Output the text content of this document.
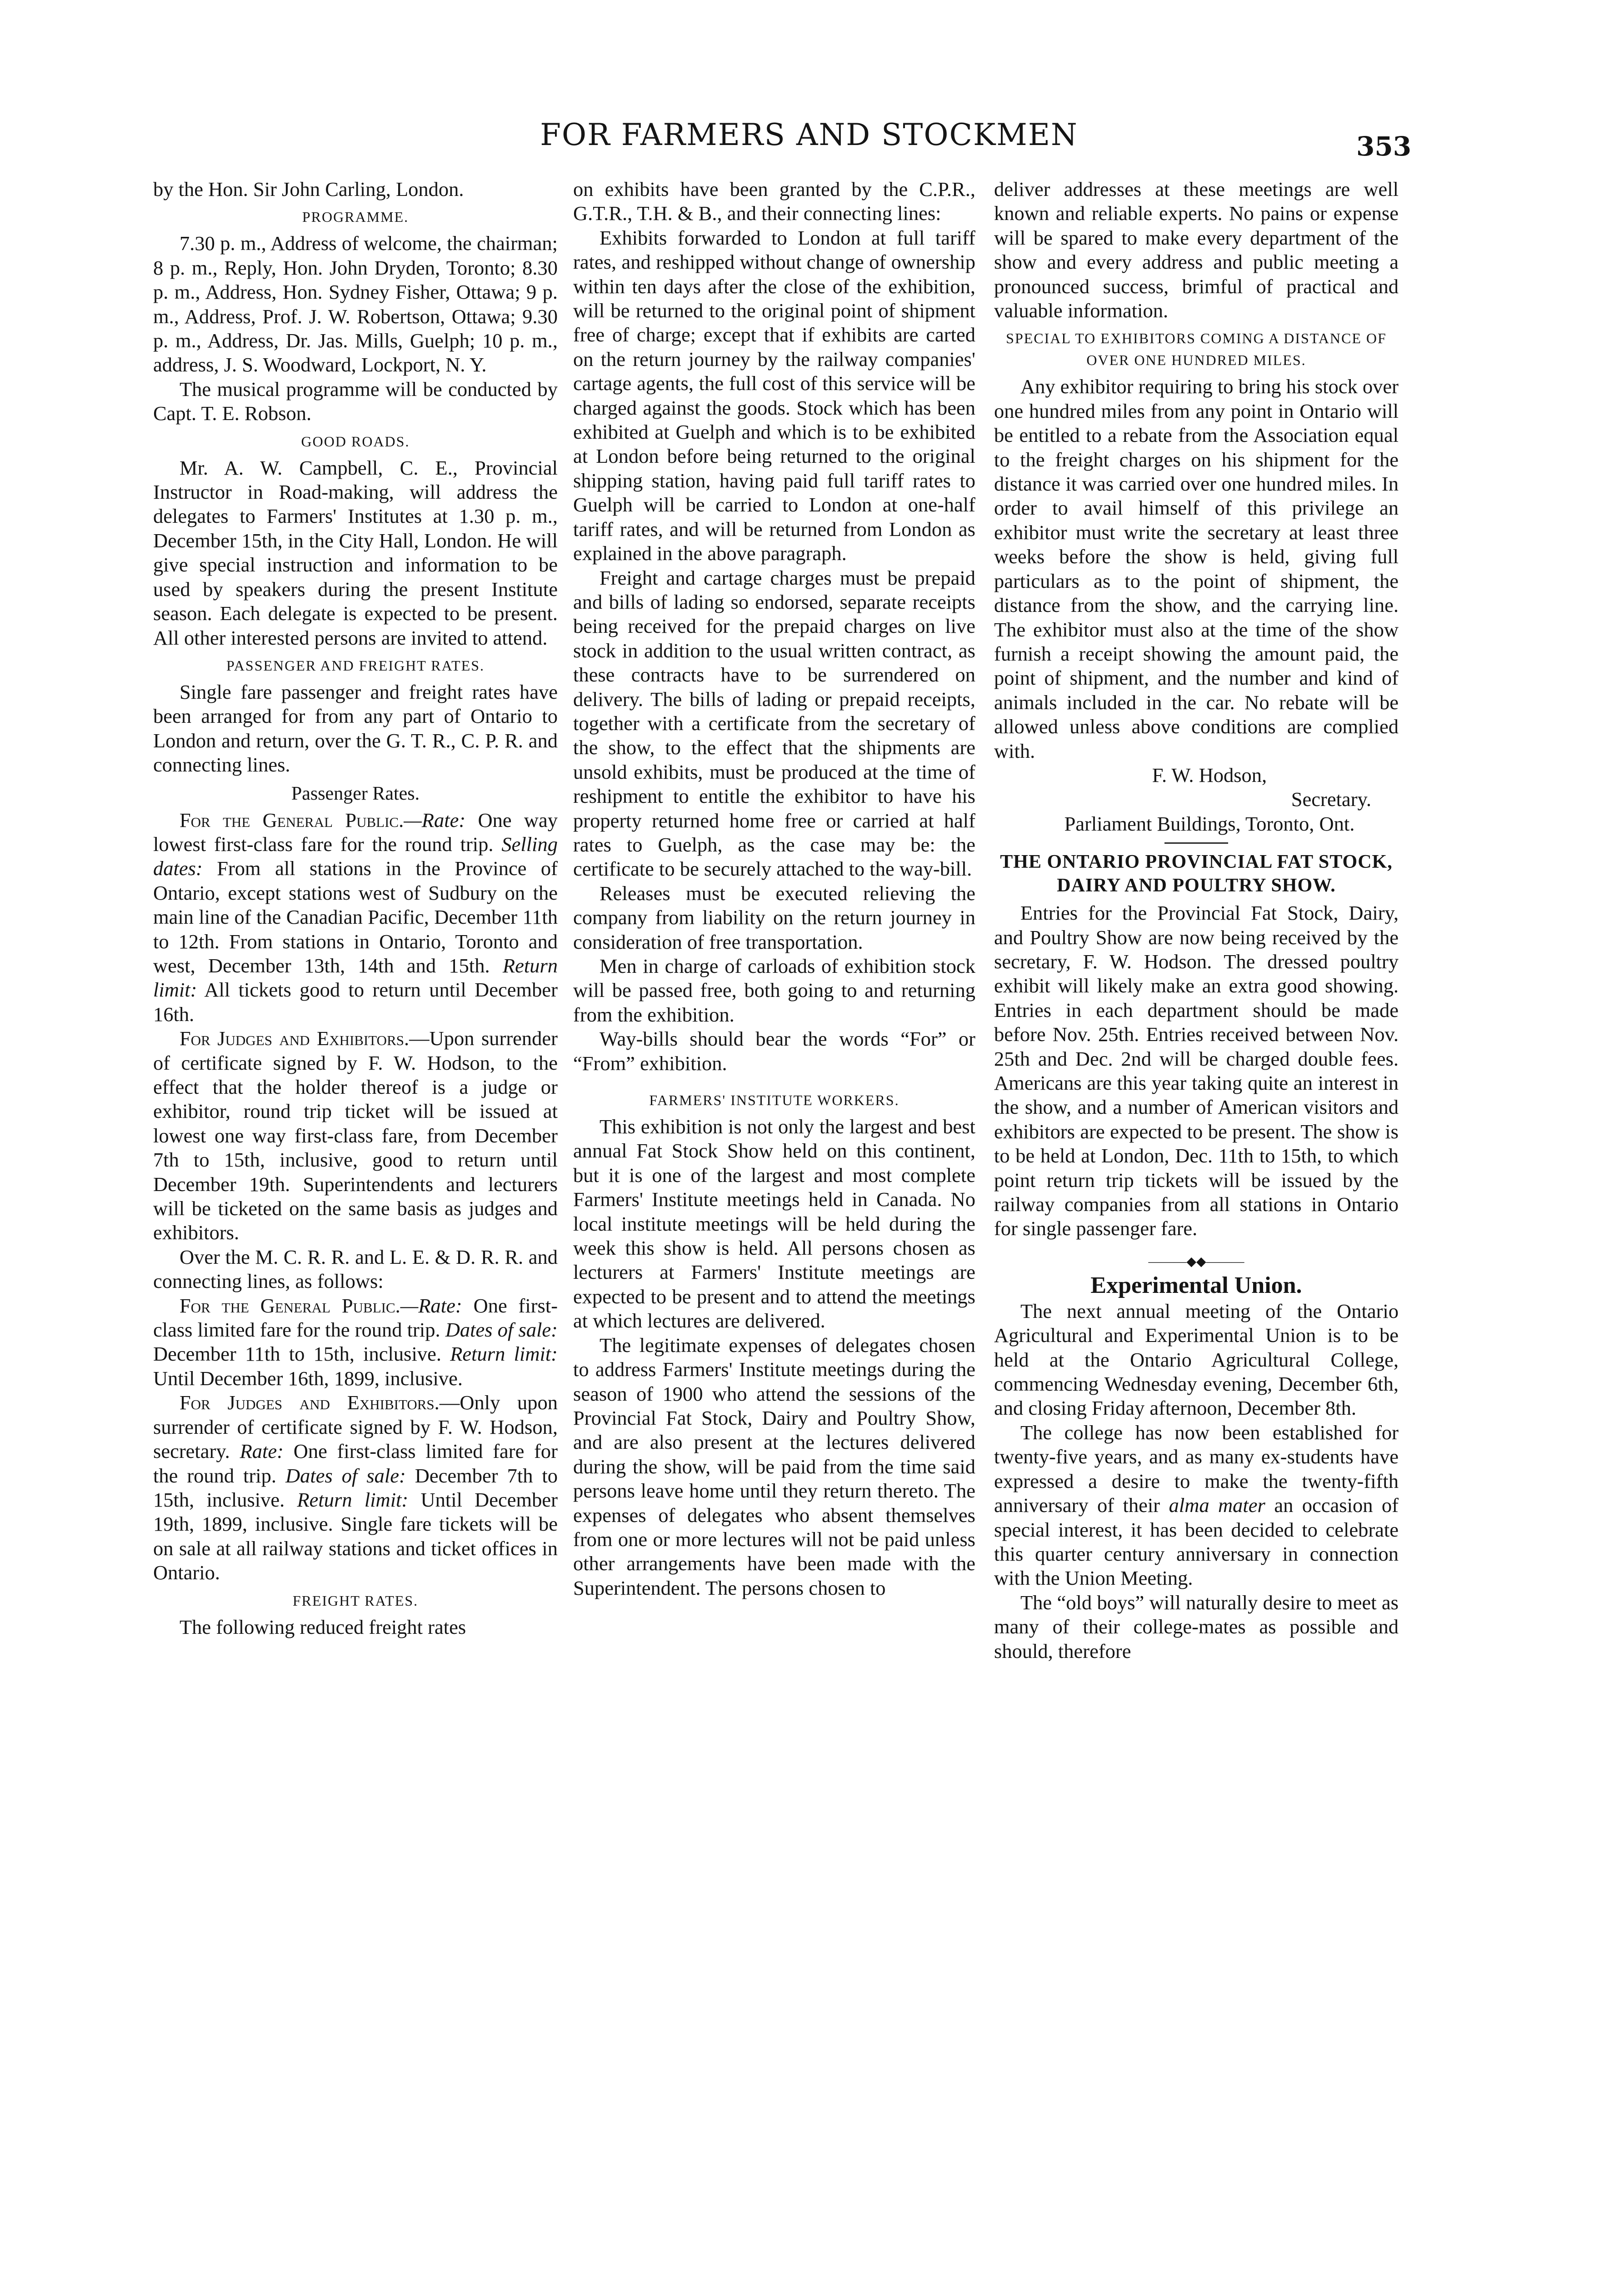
FOR FARMERS AND STOCKMEN	353

by the Hon. Sir John Carling, London.

PROGRAMME.

7.30 p. m., Address of welcome, the chairman; 8 p. m., Reply, Hon. John Dryden, Toronto; 8.30 p. m., Address, Hon. Sydney Fisher, Ottawa; 9 p. m., Address, Prof. J. W. Robertson, Ottawa; 9.30 p. m., Address, Dr. Jas. Mills, Guelph; 10 p. m., address, J. S. Woodward, Lockport, N. Y.

The musical programme will be conducted by Capt. T. E. Robson.

GOOD ROADS.

Mr. A. W. Campbell, C. E., Provincial Instructor in Road-making, will address the delegates to Farmers' Institutes at 1.30 p. m., December 15th, in the City Hall, London. He will give special instruction and information to be used by speakers during the present Institute season. Each delegate is expected to be present. All other interested persons are invited to attend.

PASSENGER AND FREIGHT RATES.

Single fare passenger and freight rates have been arranged for from any part of Ontario to London and return, over the G. T. R., C. P. R. and connecting lines.

Passenger Rates.

For the General Public.—Rate: One way lowest first-class fare for the round trip. Selling dates: From all stations in the Province of Ontario, except stations west of Sudbury on the main line of the Canadian Pacific, December 11th to 12th. From stations in Ontario, Toronto and west, December 13th, 14th and 15th. Return limit: All tickets good to return until December 16th.

For Judges and Exhibitors.—Upon surrender of certificate signed by F. W. Hodson, to the effect that the holder thereof is a judge or exhibitor, round trip ticket will be issued at lowest one way first-class fare, from December 7th to 15th, inclusive, good to return until December 19th. Superintendents and lecturers will be ticketed on the same basis as judges and exhibitors.

Over the M. C. R. R. and L. E. & D. R. R. and connecting lines, as follows:

For the General Public.—Rate: One first-class limited fare for the round trip. Dates of sale: December 11th to 15th, inclusive. Return limit: Until December 16th, 1899, inclusive.

For Judges and Exhibitors.—Only upon surrender of certificate signed by F. W. Hodson, secretary. Rate: One first-class limited fare for the round trip. Dates of sale: December 7th to 15th, inclusive. Return limit: Until December 19th, 1899, inclusive. Single fare tickets will be on sale at all railway stations and ticket offices in Ontario.

FREIGHT RATES.

The following reduced freight rates

on exhibits have been granted by the C.P.R., G.T.R., T.H. & B., and their connecting lines:

Exhibits forwarded to London at full tariff rates, and reshipped without change of ownership within ten days after the close of the exhibition, will be returned to the original point of shipment free of charge; except that if exhibits are carted on the return journey by the railway companies' cartage agents, the full cost of this service will be charged against the goods. Stock which has been exhibited at Guelph and which is to be exhibited at London before being returned to the original shipping station, having paid full tariff rates to Guelph will be carried to London at one-half tariff rates, and will be returned from London as explained in the above paragraph.

Freight and cartage charges must be prepaid and bills of lading so endorsed, separate receipts being received for the prepaid charges on live stock in addition to the usual written contract, as these contracts have to be surrendered on delivery. The bills of lading or prepaid receipts, together with a certificate from the secretary of the show, to the effect that the shipments are unsold exhibits, must be produced at the time of reshipment to entitle the exhibitor to have his property returned home free or carried at half rates to Guelph, as the case may be: the certificate to be securely attached to the way-bill.

Releases must be executed relieving the company from liability on the return journey in consideration of free transportation.

Men in charge of carloads of exhibition stock will be passed free, both going to and returning from the exhibition.

Way-bills should bear the words “For” or “From” exhibition.

FARMERS' INSTITUTE WORKERS.

This exhibition is not only the largest and best annual Fat Stock Show held on this continent, but it is one of the largest and most complete Farmers' Institute meetings held in Canada. No local institute meetings will be held during the week this show is held. All persons chosen as lecturers at Farmers' Institute meetings are expected to be present and to attend the meetings at which lectures are delivered.

The legitimate expenses of delegates chosen to address Farmers' Institute meetings during the season of 1900 who attend the sessions of the Provincial Fat Stock, Dairy and Poultry Show, and are also present at the lectures delivered during the show, will be paid from the time said persons leave home until they return thereto. The expenses of delegates who absent themselves from one or more lectures will not be paid unless other arrangements have been made with the Superintendent. The persons chosen to

deliver addresses at these meetings are well known and reliable experts. No pains or expense will be spared to make every department of the show and every address and public meeting a pronounced success, brimful of practical and valuable information.

SPECIAL TO EXHIBITORS COMING A DISTANCE OF OVER ONE HUNDRED MILES.

Any exhibitor requiring to bring his stock over one hundred miles from any point in Ontario will be entitled to a rebate from the Association equal to the freight charges on his shipment for the distance it was carried over one hundred miles. In order to avail himself of this privilege an exhibitor must write the secretary at least three weeks before the show is held, giving full particulars as to the point of shipment, the distance from the show, and the carrying line. The exhibitor must also at the time of the show furnish a receipt showing the amount paid, the point of shipment, and the number and kind of animals included in the car. No rebate will be allowed unless above conditions are complied with.

F. W. Hodson,

Secretary.

Parliament Buildings, Toronto, Ont.

THE ONTARIO PROVINCIAL FAT STOCK, DAIRY AND POULTRY SHOW.

Entries for the Provincial Fat Stock, Dairy, and Poultry Show are now being received by the secretary, F. W. Hodson. The dressed poultry exhibit will likely make an extra good showing. Entries in each department should be made before Nov. 25th. Entries received between Nov. 25th and Dec. 2nd will be charged double fees. Americans are this year taking quite an interest in the show, and a number of American visitors and exhibitors are expected to be present. The show is to be held at London, Dec. 11th to 15th, to which point return trip tickets will be issued by the railway companies from all stations in Ontario for single passenger fare.

———◆◆———
Experimental Union.

The next annual meeting of the Ontario Agricultural and Experimental Union is to be held at the Ontario Agricultural College, commencing Wednesday evening, December 6th, and closing Friday afternoon, December 8th.

The college has now been established for twenty-five years, and as many ex-students have expressed a desire to make the twenty-fifth anniversary of their alma mater an occasion of special interest, it has been decided to celebrate this quarter century anniversary in connection with the Union Meeting.

The “old boys” will naturally desire to meet as many of their college-mates as possible and should, therefore
